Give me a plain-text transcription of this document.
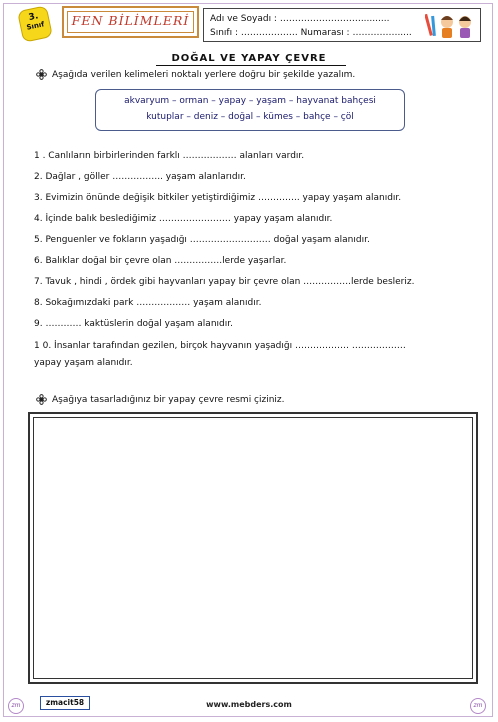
3.
Sınıf	FEN BİLİMLERİ	Adı ve Soyadı : ………………………..........
Sınıfı : ………………. Numarası : …………….....
DOĞAL VE YAPAY ÇEVRE
Aşağıda verilen kelimeleri noktalı yerlere doğru bir şekilde yazalım.
akvaryum – orman – yapay – yaşam – hayvanat bahçesi
kutuplar – deniz – doğal – kümes – bahçe – çöl
1 . Canlıların birbirlerinden farklı ……………… alanları vardır.
2. Dağlar , göller …………….. yaşam alanlarıdır.
3. Evimizin önünde değişik bitkiler yetiştirdiğimiz ………….. yapay yaşam alanıdır.
4. İçinde balık beslediğimiz …………………… yapay yaşam alanıdır.
5. Penguenler ve fokların yaşadığı ……………………… doğal yaşam alanıdır.
6. Balıklar doğal bir çevre olan …………….lerde yaşarlar.
7. Tavuk , hindi , ördek gibi hayvanları yapay bir çevre olan …………….lerde besleriz.
8. Sokağımızdaki park ……………… yaşam alanıdır.
9. ………… kaktüslerin doğal yaşam alanıdır.
1 0. İnsanlar tarafından gezilen, birçok hayvanın yaşadığı ……………… ………………
yapay yaşam alanıdır.
Aşağıya tasarladığınız bir yapay çevre resmi çiziniz.
zm	zmacit58	www.mebders.com	zm
